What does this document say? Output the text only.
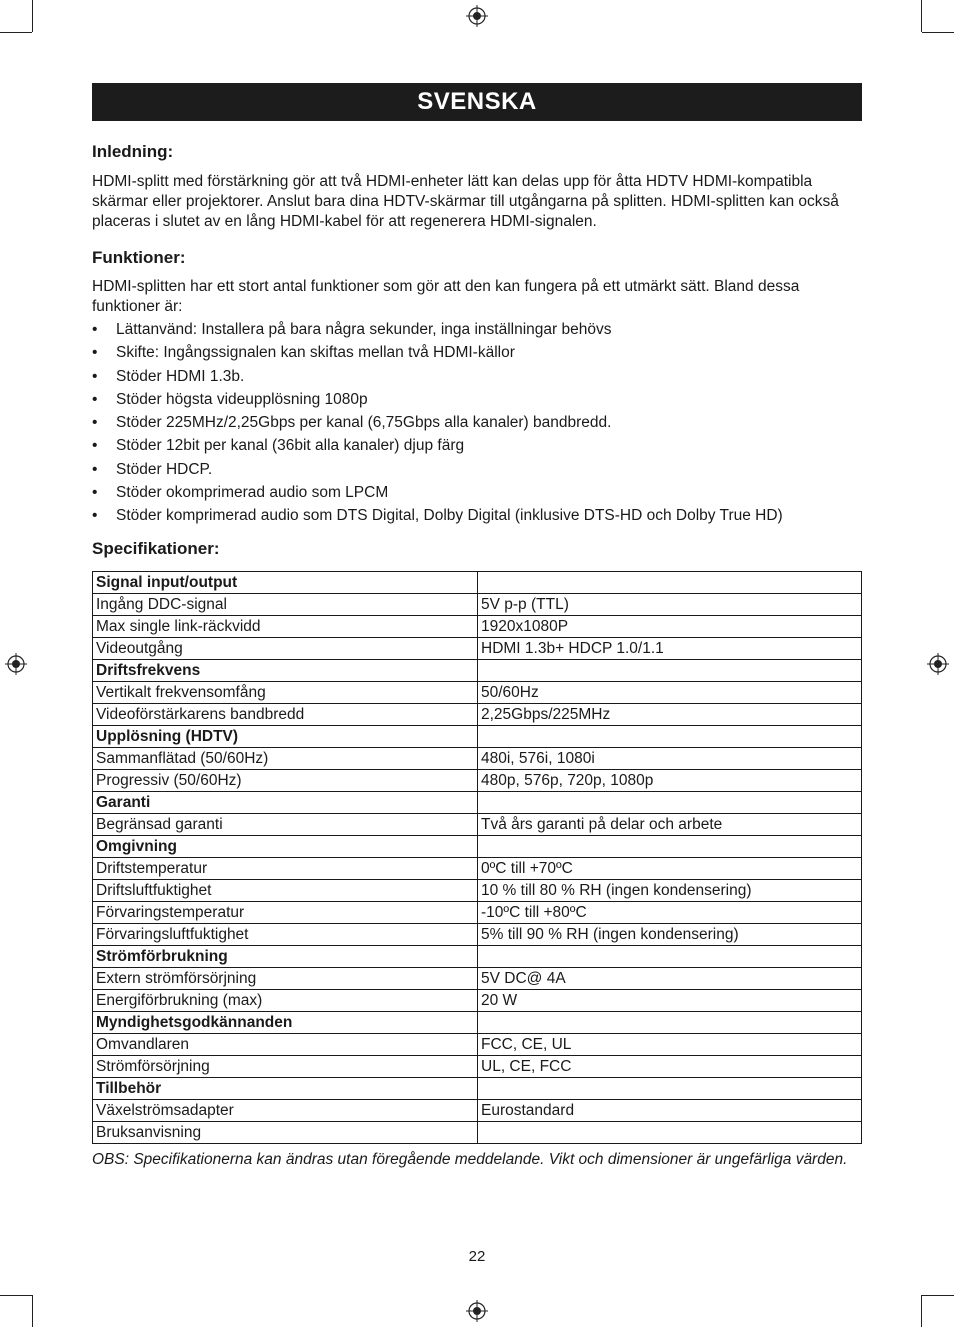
SVENSKA
Inledning:

HDMI-splitt med förstärkning gör att två HDMI-enheter lätt kan delas upp för åtta HDTV HDMI-kompatibla skärmar eller projektorer. Anslut bara dina HDTV-skärmar till utgångarna på splitten. HDMI-splitten kan också placeras i slutet av en lång HDMI-kabel för att regenerera HDMI-signalen.

Funktioner:

HDMI-splitten har ett stort antal funktioner som gör att den kan fungera på ett utmärkt sätt. Bland dessa funktioner är:

• Lättanvänd: Installera på bara några sekunder, inga inställningar behövs
• Skifte: Ingångssignalen kan skiftas mellan två HDMI-källor
• Stöder HDMI 1.3b.
• Stöder högsta videupplösning 1080p
• Stöder 225MHz/2,25Gbps per kanal (6,75Gbps alla kanaler) bandbredd.
• Stöder 12bit per kanal (36bit alla kanaler) djup färg
• Stöder HDCP.
• Stöder okomprimerad audio som LPCM
• Stöder komprimerad audio som DTS Digital, Dolby Digital (inklusive DTS-HD och Dolby True HD)
Specifikationer:
Signal input/output	
Ingång DDC-signal	5V p-p (TTL)
Max single link-räckvidd	1920x1080P
Videoutgång	HDMI 1.3b+ HDCP 1.0/1.1
Driftsfrekvens	
Vertikalt frekvensomfång	50/60Hz
Videoförstärkarens bandbredd	2,25Gbps/225MHz
Upplösning (HDTV)	
Sammanflätad (50/60Hz)	480i, 576i, 1080i
Progressiv (50/60Hz)	480p, 576p, 720p, 1080p
Garanti	
Begränsad garanti	Två års garanti på delar och arbete
Omgivning	
Driftstemperatur	0ºC till +70ºC
Driftsluftfuktighet	10 % till 80 % RH (ingen kondensering)
Förvaringstemperatur	-10ºC till +80ºC
Förvaringsluftfuktighet	5% till 90 % RH (ingen kondensering)
Strömförbrukning	
Extern strömförsörjning	5V DC@ 4A
Energiförbrukning (max)	20 W
Myndighetsgodkännanden	
Omvandlaren	FCC, CE, UL
Strömförsörjning	UL, CE, FCC
Tillbehör	
Växelströmsadapter	Eurostandard
Bruksanvisning	
OBS: Specifikationerna kan ändras utan föregående meddelande. Vikt och dimensioner är ungefärliga värden.
22
